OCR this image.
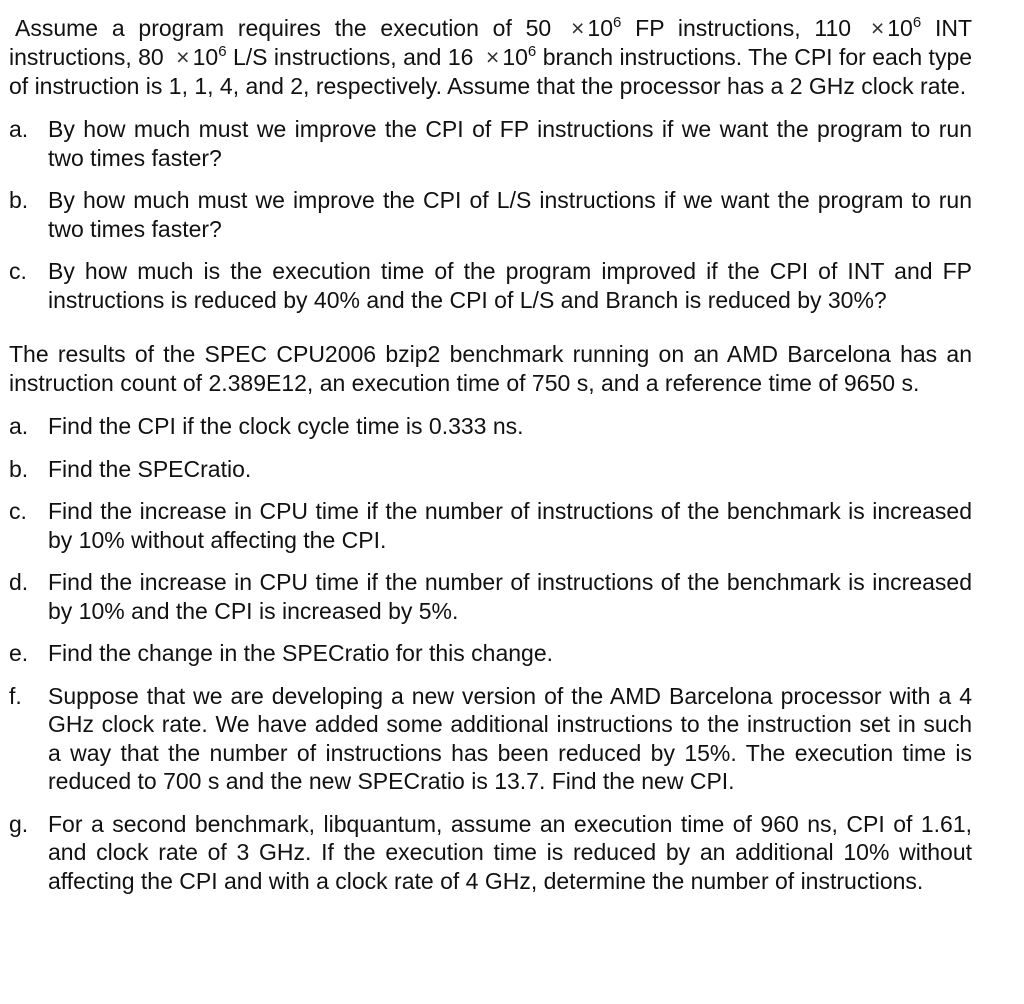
Assume a program requires the execution of $50 \times 10^6$ FP instructions, $110 \times 10^6$ INT instructions, $80 \times 10^6$ L/S instructions, and $16 \times 10^6$ branch instructions. The CPI for each type of instruction is 1, 1, 4, and 2, respectively. Assume that the processor has a 2 GHz clock rate.

a. By how much must we improve the CPI of FP instructions if we want the program to run two times faster?
b. By how much must we improve the CPI of L/S instructions if we want the program to run two times faster?
c. By how much is the execution time of the program improved if the CPI of INT and FP instructions is reduced by 40% and the CPI of L/S and Branch is reduced by 30%?

The results of the SPEC CPU2006 bzip2 benchmark running on an AMD Barcelona has an instruction count of 2.389E12, an execution time of 750 s, and a reference time of 9650 s.

a. Find the CPI if the clock cycle time is 0.333 ns.
b. Find the SPECratio.
c. Find the increase in CPU time if the number of instructions of the benchmark is increased by 10% without affecting the CPI.
d. Find the increase in CPU time if the number of instructions of the benchmark is increased by 10% and the CPI is increased by 5%.
e. Find the change in the SPECratio for this change.
f.	Suppose that we are developing a new version of the AMD Barcelona processor with a 4 GHz clock rate. We have added some additional instructions to the instruction set in such a way that the number of instructions has been reduced by 15%. The execution time is reduced to 700 s and the new SPECratio is 13.7. Find the new CPI.
g. For a second benchmark, libquantum, assume an execution time of 960 ns, CPI of 1.61, and clock rate of 3 GHz. If the execution time is reduced by an additional 10% without affecting the CPI and with a clock rate of 4 GHz, determine the number of instructions.
